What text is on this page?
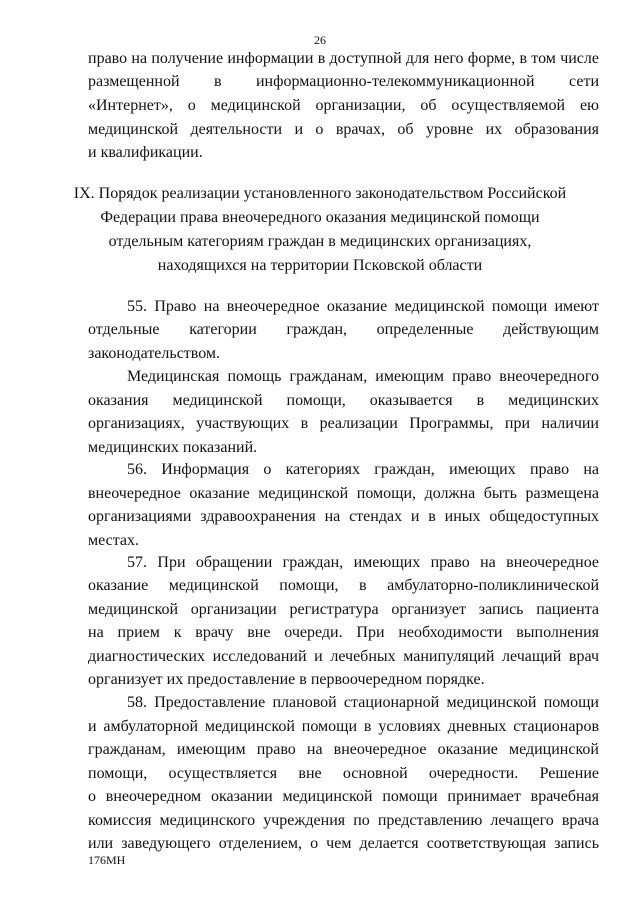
26
право на получение информации в доступной для него форме, в том числе
размещенной в информационно-телекоммуникационной сети
«Интернет», о медицинской организации, об осуществляемой ею
медицинской деятельности и о врачах, об уровне их образования
и квалификации.
IX. Порядок реализации установленного законодательством Российской
Федерации права внеочередного оказания медицинской помощи
отдельным категориям граждан в медицинских организациях,
находящихся на территории Псковской области
55. Право на внеочередное оказание медицинской помощи имеют
отдельные категории граждан, определенные действующим
законодательством.
Медицинская помощь гражданам, имеющим право внеочередного
оказания медицинской помощи, оказывается в медицинских
организациях, участвующих в реализации Программы, при наличии
медицинских показаний.
56. Информация о категориях граждан, имеющих право на
внеочередное оказание медицинской помощи, должна быть размещена
организациями здравоохранения на стендах и в иных общедоступных
местах.
57. При обращении граждан, имеющих право на внеочередное
оказание медицинской помощи, в амбулаторно-поликлинической
медицинской организации регистратура организует запись пациента
на прием к врачу вне очереди. При необходимости выполнения
диагностических исследований и лечебных манипуляций лечащий врач
организует их предоставление в первоочередном порядке.
58. Предоставление плановой стационарной медицинской помощи
и амбулаторной медицинской помощи в условиях дневных стационаров
гражданам, имеющим право на внеочередное оказание медицинской
помощи, осуществляется вне основной очередности. Решение
о внеочередном оказании медицинской помощи принимает врачебная
комиссия медицинского учреждения по представлению лечащего врача
или заведующего отделением, о чем делается соответствующая запись
176МН
